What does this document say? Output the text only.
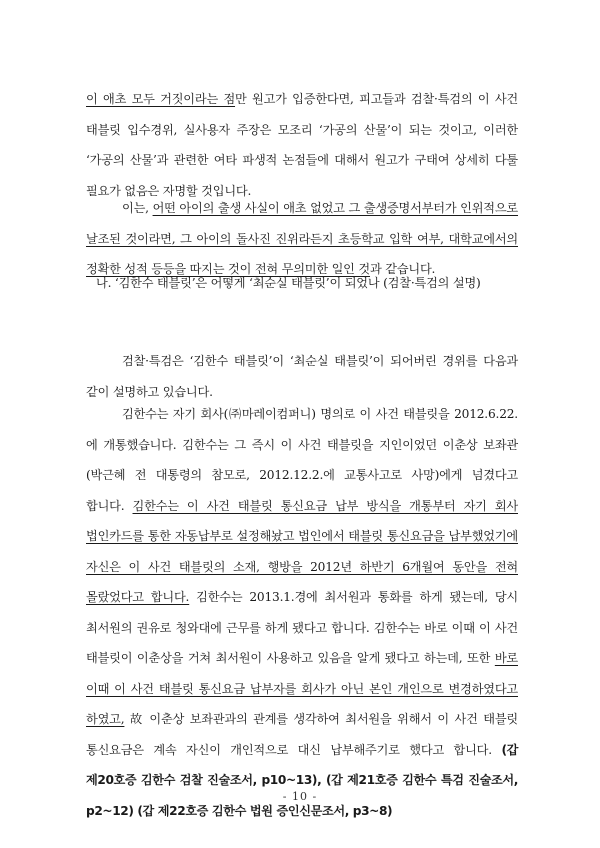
이 애초 모두 거짓이라는 점만 원고가 입증한다면, 피고들과 검찰·특검의 이 사건 태블릿 입수경위, 실사용자 주장은 모조리 ‘가공의 산물’이 되는 것이고, 이러한 ‘가공의 산물’과 관련한 여타 파생적 논점들에 대해서 원고가 구태여 상세히 다툴 필요가 없음은 자명할 것입니다.

이는, 어떤 아이의 출생 사실이 애초 없었고 그 출생증명서부터가 인위적으로 날조된 것이라면, 그 아이의 돌사진 진위라든지 초등학교 입학 여부, 대학교에서의 정확한 성적 등등을 따지는 것이 전혀 무의미한 일인 것과 같습니다.

나. ‘김한수 태블릿’은 어떻게 ‘최순실 태블릿’이 되었나 (검찰·특검의 설명)

검찰·특검은 ‘김한수 태블릿’이 ‘최순실 태블릿’이 되어버린 경위를 다음과 같이 설명하고 있습니다.

김한수는 자기 회사(㈜마레이컴퍼니) 명의로 이 사건 태블릿을 2012.6.22.에 개통했습니다. 김한수는 그 즉시 이 사건 태블릿을 지인이었던 이춘상 보좌관(박근혜 전 대통령의 참모로, 2012.12.2.에 교통사고로 사망)에게 넘겼다고 합니다. 김한수는 이 사건 태블릿 통신요금 납부 방식을 개통부터 자기 회사 법인카드를 통한 자동납부로 설정해놨고 법인에서 태블릿 통신요금을 납부했었기에 자신은 이 사건 태블릿의 소재, 행방을 2012년 하반기 6개월여 동안을 전혀 몰랐었다고 합니다. 김한수는 2013.1.경에 최서원과 통화를 하게 됐는데, 당시 최서원의 권유로 청와대에 근무를 하게 됐다고 합니다. 김한수는 바로 이때 이 사건 태블릿이 이춘상을 거쳐 최서원이 사용하고 있음을 알게 됐다고 하는데, 또한 바로 이때 이 사건 태블릿 통신요금 납부자를 회사가 아닌 본인 개인으로 변경하였다고 하였고, 故 이춘상 보좌관과의 관계를 생각하여 최서원을 위해서 이 사건 태블릿 통신요금은 계속 자신이 개인적으로 대신 납부해주기로 했다고 합니다. (갑 제20호증 김한수 검찰 진술조서, p10~13), (갑 제21호증 김한수 특검 진술조서, p2~12) (갑 제22호증 김한수 법원 증인신문조서, p3~8)

- 10 -
